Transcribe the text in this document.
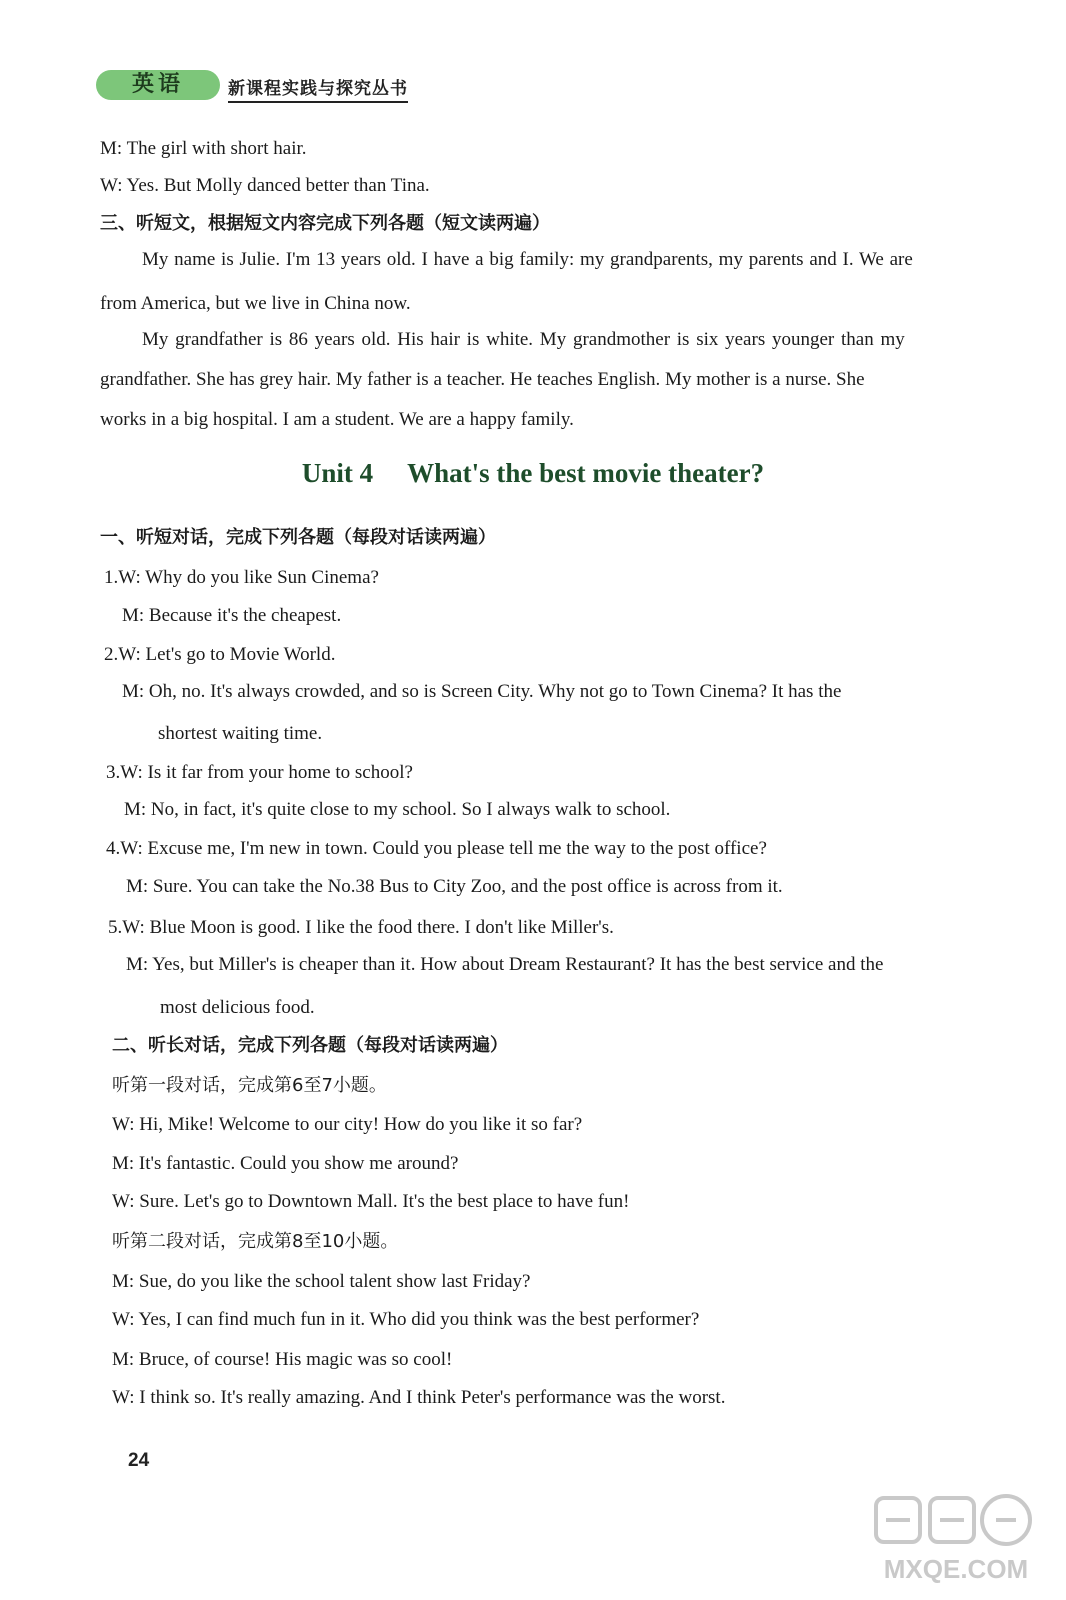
英语	新课程实践与探究丛书
M: The girl with short hair.
W: Yes. But Molly danced better than Tina.
三、听短文，根据短文内容完成下列各题（短文读两遍）
My name is Julie. I'm 13 years old. I have a big family: my grandparents, my parents and I. We are
from America, but we live in China now.
My grandfather is 86 years old. His hair is white. My grandmother is six years younger than my
grandfather. She has grey hair. My father is a teacher. He teaches English. My mother is a nurse. She
works in a big hospital. I am a student. We are a happy family.
Unit 4 What's the best movie theater?
一、听短对话，完成下列各题（每段对话读两遍）
1.W: Why do you like Sun Cinema?
M: Because it's the cheapest.
2.W: Let's go to Movie World.
M: Oh, no. It's always crowded, and so is Screen City. Why not go to Town Cinema? It has the
shortest waiting time.
3.W: Is it far from your home to school?
M: No, in fact, it's quite close to my school. So I always walk to school.
4.W: Excuse me, I'm new in town. Could you please tell me the way to the post office?
M: Sure. You can take the No.38 Bus to City Zoo, and the post office is across from it.
5.W: Blue Moon is good. I like the food there. I don't like Miller's.
M: Yes, but Miller's is cheaper than it. How about Dream Restaurant? It has the best service and the
most delicious food.
二、听长对话，完成下列各题（每段对话读两遍）
听第一段对话，完成第6至7小题。
W: Hi, Mike! Welcome to our city! How do you like it so far?
M: It's fantastic. Could you show me around?
W: Sure. Let's go to Downtown Mall. It's the best place to have fun!
听第二段对话，完成第8至10小题。
M: Sue, do you like the school talent show last Friday?
W: Yes, I can find much fun in it. Who did you think was the best performer?
M: Bruce, of course! His magic was so cool!
W: I think so. It's really amazing. And I think Peter's performance was the worst.
24
MXQE.COM
